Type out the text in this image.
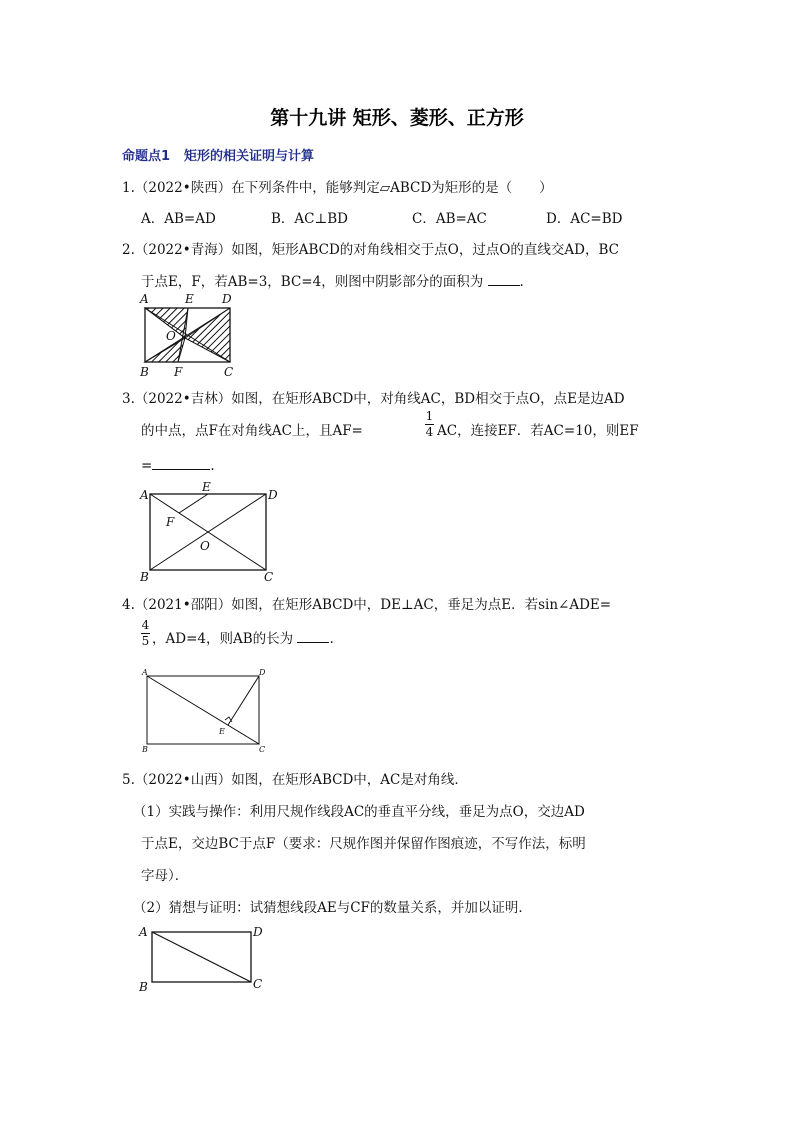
第十九讲 矩形、菱形、正方形
命题点1 矩形的相关证明与计算
1.（2022•陕西）在下列条件中，能够判定▱ABCD为矩形的是（　　）
A．AB=AD	B．AC⊥BD	C．AB=AC	D．AC=BD
2.（2022•青海）如图，矩形ABCD的对角线相交于点O，过点O的直线交AD，BC
于点E，F，若AB=3，BC=4，则图中阴影部分的面积为	.
A	E D
O
B F	C
3.（2022•吉林）如图，在矩形ABCD中，对角线AC，BD相交于点O，点E是边AD
的中点，点F在对角线AC上，且AF=
1
4 AC，连接EF．若AC=10，则EF
=	.
A
E
D
F
O
B	C
4.（2021•邵阳）如图，在矩形ABCD中，DE⊥AC，垂足为点E．若sin∠ADE=
4
5 ，AD=4，则AB的长为	.
A	D
E
B	C
5.（2022•山西）如图，在矩形ABCD中，AC是对角线．
（1）实践与操作：利用尺规作线段AC的垂直平分线，垂足为点O，交边AD
于点E，交边BC于点F（要求：尺规作图并保留作图痕迹，不写作法，标明
字母）．
（2）猜想与证明：试猜想线段AE与CF的数量关系，并加以证明．
A	D
B	C
